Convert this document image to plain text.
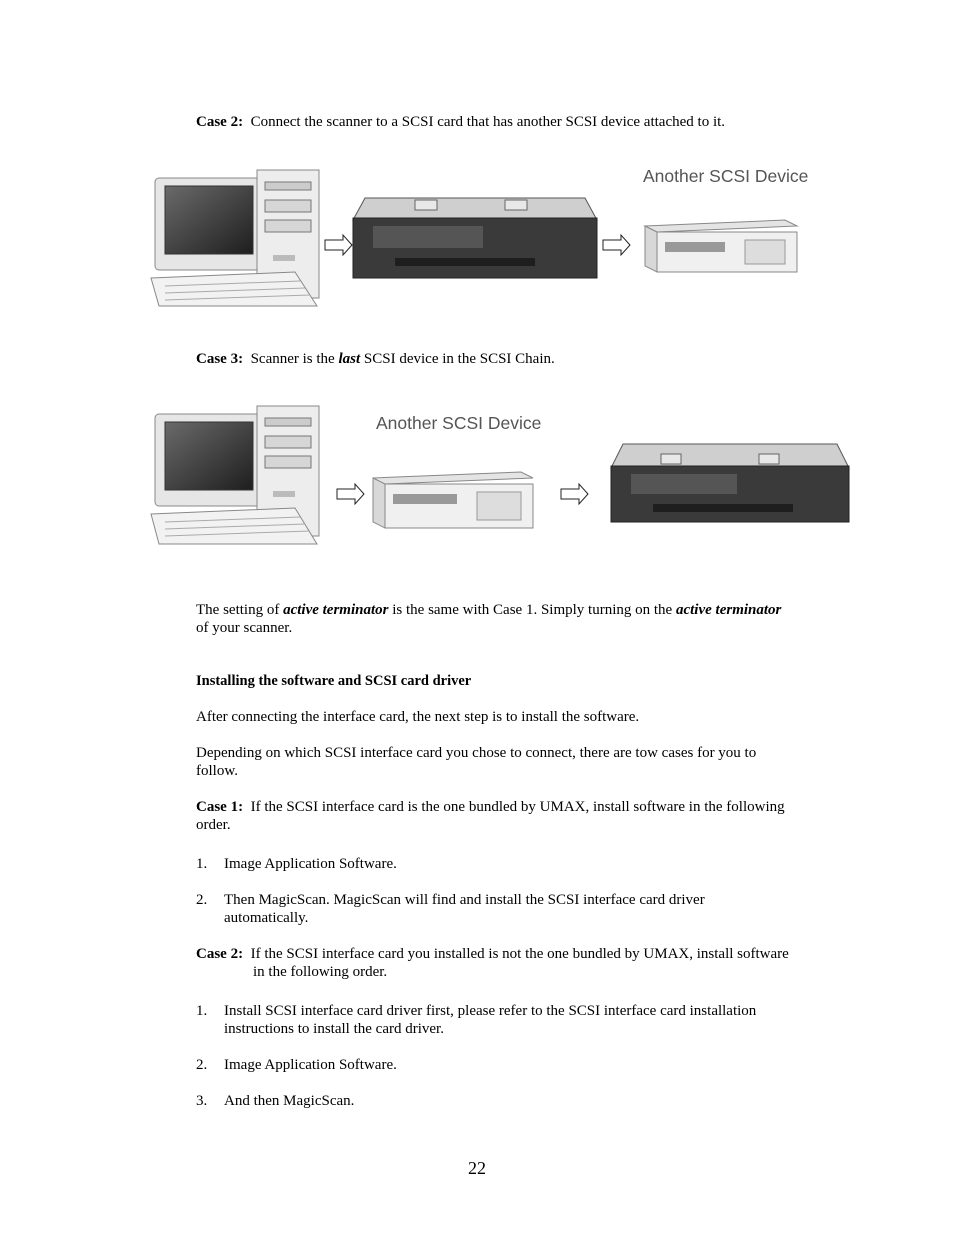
Case 2: Connect the scanner to a SCSI card that has another SCSI device attached to it.
Another SCSI Device
Case 3: Scanner is the last SCSI device in the SCSI Chain.
Another SCSI Device
The setting of active terminator is the same with Case 1. Simply turning on the active terminator
of your scanner.
Installing the software and SCSI card driver
After connecting the interface card, the next step is to install the software.
Depending on which SCSI interface card you chose to connect, there are tow cases for you to
follow.
Case 1: If the SCSI interface card is the one bundled by UMAX, install software in the following
order.
1. Image Application Software.
2. Then MagicScan. MagicScan will find and install the SCSI interface card driver
automatically.
Case 2: If the SCSI interface card you installed is not the one bundled by UMAX, install software
in the following order.
1. Install SCSI interface card driver first, please refer to the SCSI interface card installation
instructions to install the card driver.
2. Image Application Software.
3. And then MagicScan.
22
